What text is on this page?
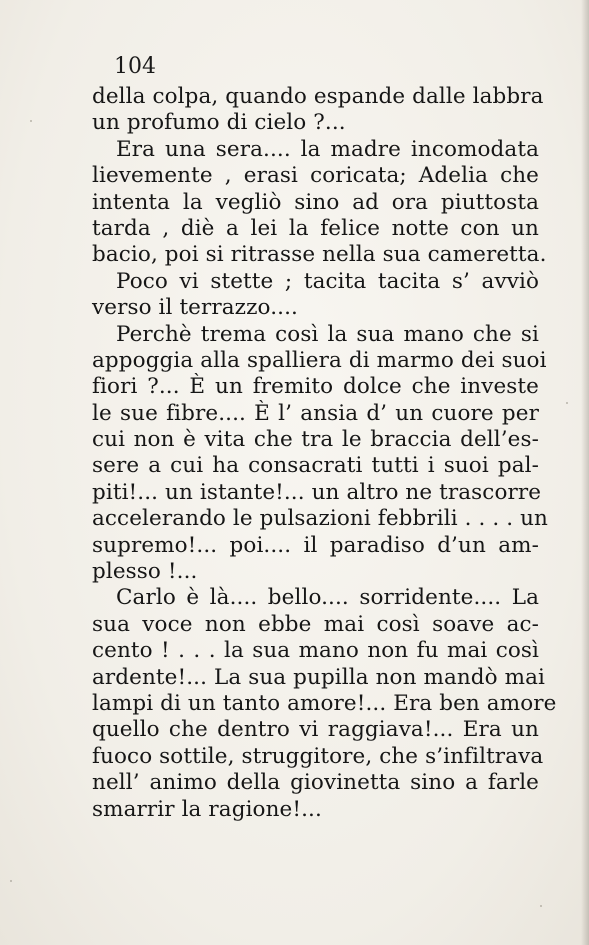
104
della colpa, quando espande dalle labbra
un profumo di cielo ?...
Era una sera.... la madre incomodata
lievemente , erasi coricata; Adelia che
intenta la vegliò sino ad ora piuttosta
tarda , diè a lei la felice notte con un
bacio, poi si ritrasse nella sua cameretta.
Poco vi stette ; tacita tacita s’ avviò
verso il terrazzo....
Perchè trema così la sua mano che si
appoggia alla spalliera di marmo dei suoi
fiori ?... È un fremito dolce che investe
le sue fibre.... È l’ ansia d’ un cuore per
cui non è vita che tra le braccia dell’es-
sere a cui ha consacrati tutti i suoi pal-
piti!... un istante!... un altro ne trascorre
accelerando le pulsazioni febbrili . . . . un
supremo!... poi.... il paradiso d’un am-
plesso !...
Carlo è là.... bello.... sorridente.... La
sua voce non ebbe mai così soave ac-
cento ! . . . la sua mano non fu mai così
ardente!... La sua pupilla non mandò mai
lampi di un tanto amore!... Era ben amore
quello che dentro vi raggiava!... Era un
fuoco sottile, struggitore, che s’infiltrava
nell’ animo della giovinetta sino a farle
smarrir la ragione!...
